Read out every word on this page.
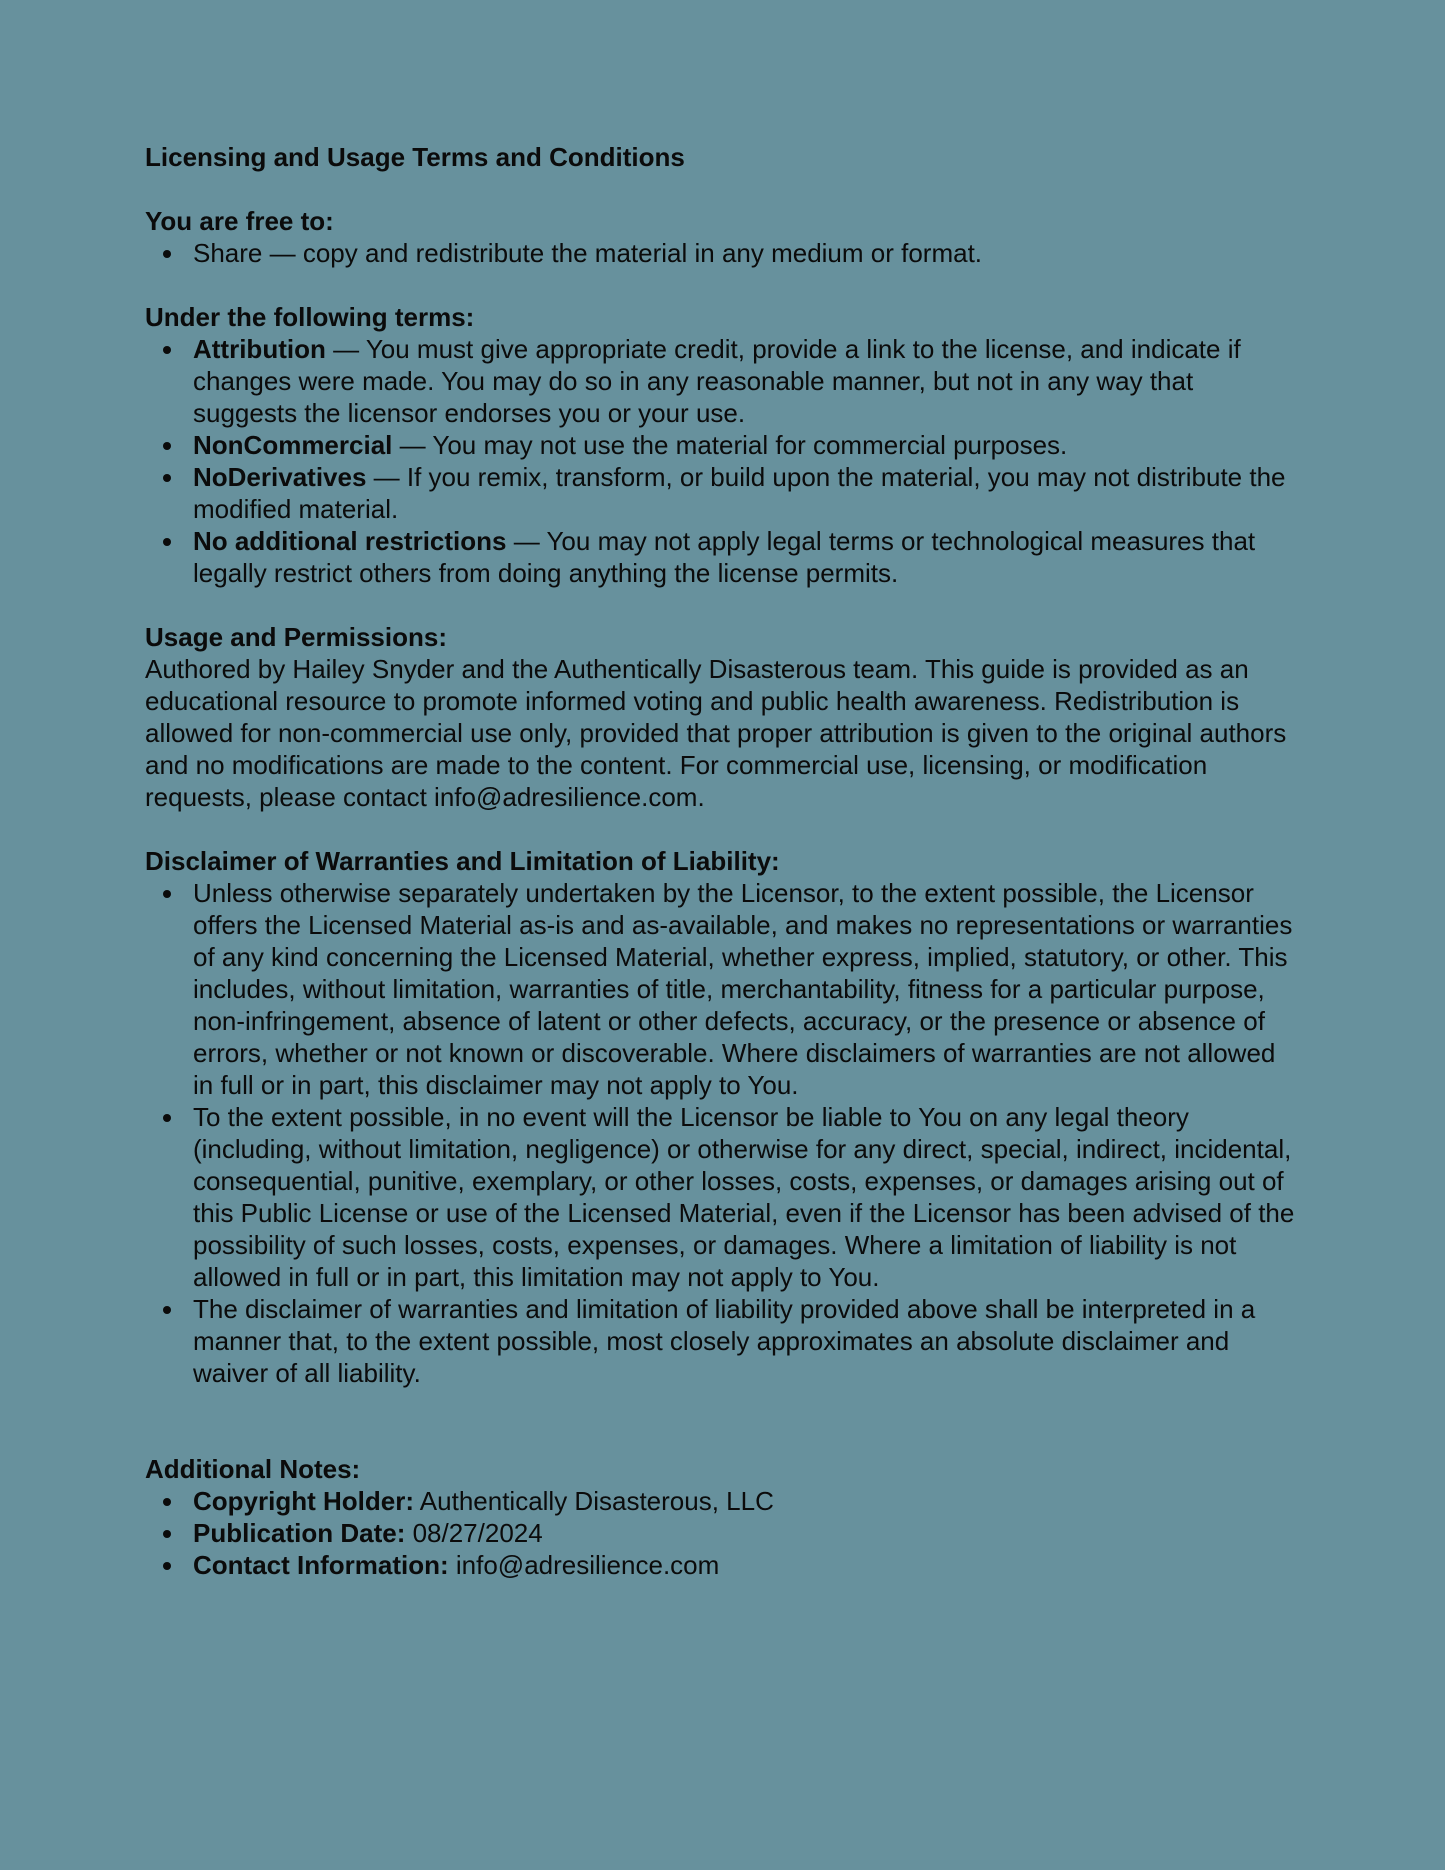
Licensing and Usage Terms and Conditions
You are free to:
Share — copy and redistribute the material in any medium or format.
Under the following terms:
Attribution — You must give appropriate credit, provide a link to the license, and indicate if changes were made. You may do so in any reasonable manner, but not in any way that suggests the licensor endorses you or your use.
NonCommercial — You may not use the material for commercial purposes.
NoDerivatives — If you remix, transform, or build upon the material, you may not distribute the modified material.
No additional restrictions — You may not apply legal terms or technological measures that legally restrict others from doing anything the license permits.
Usage and Permissions:

Authored by Hailey Snyder and the Authentically Disasterous team. This guide is provided as an educational resource to promote informed voting and public health awareness. Redistribution is allowed for non-commercial use only, provided that proper attribution is given to the original authors and no modifications are made to the content. For commercial use, licensing, or modification requests, please contact info@adresilience.com.

Disclaimer of Warranties and Limitation of Liability:
Unless otherwise separately undertaken by the Licensor, to the extent possible, the Licensor offers the Licensed Material as-is and as-available, and makes no representations or warranties of any kind concerning the Licensed Material, whether express, implied, statutory, or other. This includes, without limitation, warranties of title, merchantability, fitness for a particular purpose, non-infringement, absence of latent or other defects, accuracy, or the presence or absence of errors, whether or not known or discoverable. Where disclaimers of warranties are not allowed in full or in part, this disclaimer may not apply to You.
To the extent possible, in no event will the Licensor be liable to You on any legal theory (including, without limitation, negligence) or otherwise for any direct, special, indirect, incidental, consequential, punitive, exemplary, or other losses, costs, expenses, or damages arising out of this Public License or use of the Licensed Material, even if the Licensor has been advised of the possibility of such losses, costs, expenses, or damages. Where a limitation of liability is not allowed in full or in part, this limitation may not apply to You.
The disclaimer of warranties and limitation of liability provided above shall be interpreted in a manner that, to the extent possible, most closely approximates an absolute disclaimer and waiver of all liability.
Additional Notes:
Copyright Holder: Authentically Disasterous, LLC
Publication Date: 08/27/2024
Contact Information: info@adresilience.com
